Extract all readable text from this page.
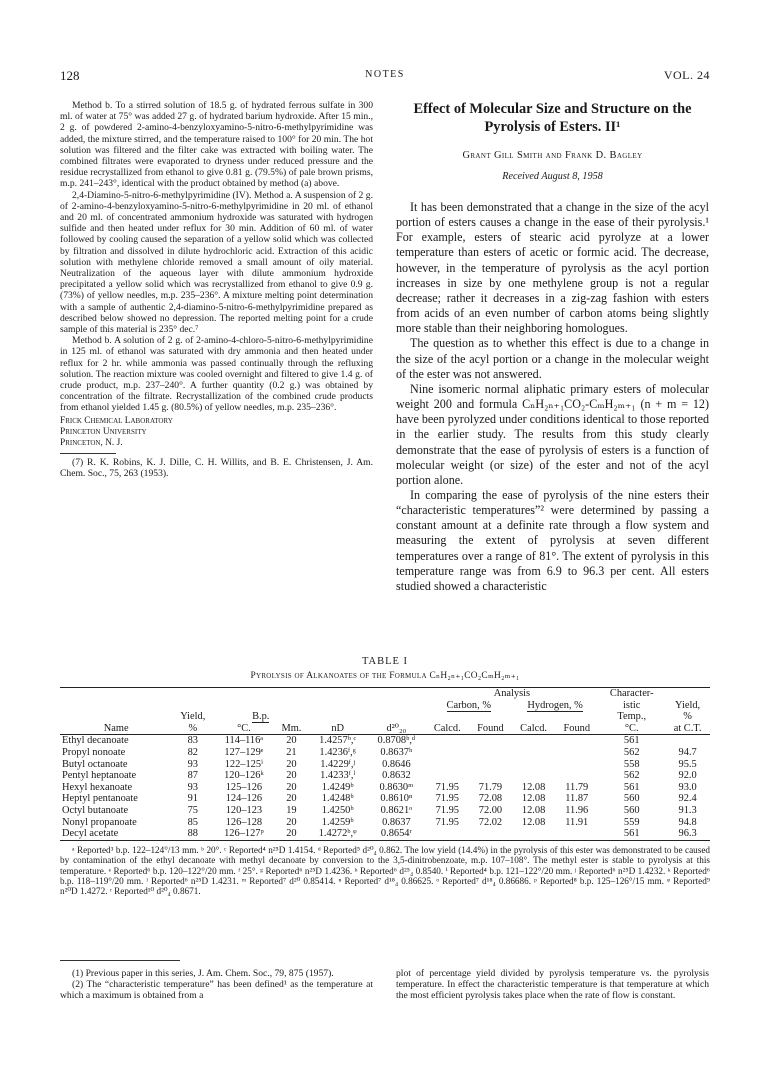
128	NOTES	VOL. 24

Method b. To a stirred solution of 18.5 g. of hydrated ferrous sulfate in 300 ml. of water at 75° was added 27 g. of hydrated barium hydroxide. After 15 min., 2 g. of powdered 2-amino-4-benzyloxyamino-5-nitro-6-methylpyrimidine was added, the mixture stirred, and the temperature raised to 100° for 20 min. The hot solution was filtered and the filter cake was extracted with boiling water. The combined filtrates were evaporated to dryness under reduced pressure and the residue recrystallized from ethanol to give 0.81 g. (79.5%) of pale brown prisms, m.p. 241–243°, identical with the product obtained by method (a) above.

2,4-Diamino-5-nitro-6-methylpyrimidine (IV). Method a. A suspension of 2 g. of 2-amino-4-benzyloxyamino-5-nitro-6-methylpyrimidine in 20 ml. of ethanol and 20 ml. of concentrated ammonium hydroxide was saturated with hydrogen sulfide and then heated under reflux for 30 min. Addition of 60 ml. of water followed by cooling caused the separation of a yellow solid which was collected by filtration and dissolved in dilute hydrochloric acid. Extraction of this acidic solution with methylene chloride removed a small amount of oily material. Neutralization of the aqueous layer with dilute ammonium hydroxide precipitated a yellow solid which was recrystallized from ethanol to give 0.9 g. (73%) of yellow needles, m.p. 235–236°. A mixture melting point determination with a sample of authentic 2,4-diamino-5-nitro-6-methylpyrimidine prepared as described below showed no depression. The reported melting point for a crude sample of this material is 235° dec.⁷

Method b. A solution of 2 g. of 2-amino-4-chloro-5-nitro-6-methylpyrimidine in 125 ml. of ethanol was saturated with dry ammonia and then heated under reflux for 2 hr. while ammonia was passed continually through the refluxing solution. The reaction mixture was cooled overnight and filtered to give 1.4 g. of crude product, m.p. 237–240°. A further quantity (0.2 g.) was obtained by concentration of the filtrate. Recrystallization of the combined crude products from ethanol yielded 1.45 g. (80.5%) of yellow needles, m.p. 235–236°.

Frick Chemical Laboratory

Princeton University

Princeton, N. J.

(7) R. K. Robins, K. J. Dille, C. H. Willits, and B. E. Christensen, J. Am. Chem. Soc., 75, 263 (1953).

Effect of Molecular Size and Structure on the Pyrolysis of Esters. II¹

Grant Gill Smith and Frank D. Bagley

Received August 8, 1958

It has been demonstrated that a change in the size of the acyl portion of esters causes a change in the ease of their pyrolysis.¹ For example, esters of stearic acid pyrolyze at a lower temperature than esters of acetic or formic acid. The decrease, however, in the temperature of pyrolysis as the acyl portion increases in size by one methylene group is not a regular decrease; rather it decreases in a zig-zag fashion with esters from acids of an even number of carbon atoms being slightly more stable than their neighboring homologues.

The question as to whether this effect is due to a change in the size of the acyl portion or a change in the molecular weight of the ester was not answered.

Nine isomeric normal aliphatic primary esters of molecular weight 200 and formula CₙH₂ₙ₊₁CO₂-CₘH₂ₘ₊₁ (n + m = 12) have been pyrolyzed under conditions identical to those reported in the earlier study. The results from this study clearly demonstrate that the ease of pyrolysis of esters is a function of molecular weight (or size) of the ester and not of the acyl portion alone.

In comparing the ease of pyrolysis of the nine esters their “characteristic temperatures”² were determined by passing a constant amount at a definite rate through a flow system and measuring the extent of pyrolysis at seven different temperatures over a range of 81°. The extent of pyrolysis in this temperature range was from 6.9 to 96.3 per cent. All esters studied showed a characteristic

TABLE I
Pyrolysis of Alkanoates of the Formula CₙH₂ₙ₊₁CO₂CₘH₂ₘ₊₁
						Analysis				Character-	
						Carbon, %		Hydrogen, %		istic	Yield,
	Yield,	B.p.								Temp.,	%
Name	%	°C.	Mm.	nD	d²⁰₂₀	Calcd.	Found	Calcd.	Found	°C.	at C.T.
Ethyl decanoate	83	114–116ᵃ	20	1.4257ᵇ,ᶜ	0.8708ᵇ,ᵈ					561	
Propyl nonoate	82	127–129ᵉ	21	1.4236ᶠ,ᵍ	0.8637ʰ					562	94.7
Butyl octanoate	93	122–125ⁱ	20	1.4229ᶠ,ʲ	0.8646					558	95.5
Pentyl heptanoate	87	120–126ᵏ	20	1.4233ᶠ,ˡ	0.8632					562	92.0
Hexyl hexanoate	93	125–126	20	1.4249ᵇ	0.8630ᵐ	71.95	71.79	12.08	11.79	561	93.0
Heptyl pentanoate	91	124–126	20	1.4248ᵇ	0.8610ⁿ	71.95	72.08	12.08	11.87	560	92.4
Octyl butanoate	75	120–123	19	1.4250ᵇ	0.8621ᵒ	71.95	72.00	12.08	11.96	560	91.3
Nonyl propanoate	85	126–128	20	1.4259ᵇ	0.8637	71.95	72.02	12.08	11.91	559	94.8
Decyl acetate	88	126–127ᵖ	20	1.4272ᵇ,ᵠ	0.8654ʳ					561	96.3
ᵃ Reported³ b.p. 122–124°/13 mm. ᵇ 20°. ᶜ Reported⁴ n²⁵D 1.4154. ᵈ Reported⁵ d²⁰₄ 0.862. The low yield (14.4%) in the pyrolysis of this ester was demonstrated to be caused by contamination of the ethyl decanoate with methyl decanoate by conversion to the 3,5-dinitrobenzoate, m.p. 107–108°. The methyl ester is stable to pyrolysis at this temperature. ᵉ Reported⁶ b.p. 120–122°/20 mm. ᶠ 25°. ᵍ Reported⁶ n²⁵D 1.4236. ʰ Reported⁶ d²⁵₄ 0.8540. ⁱ Reported⁴ b.p. 121–122°/20 mm. ʲ Reported⁶ n²⁵D 1.4232. ᵏ Reported⁶ b.p. 118–119°/20 mm. ˡ Reported⁶ n²⁵D 1.4231. ᵐ Reported⁷ d²⁰ 0.85414. ⁿ Reported⁷ d¹⁸₄ 0.86625. ᵒ Reported⁷ d¹⁸₄ 0.86686. ᵖ Reported⁸ b.p. 125–126°/15 mm. ᵠ Reported⁹ n²⁰D 1.4272. ʳ Reported¹⁰ d²⁰₄ 0.8671.

(1) Previous paper in this series, J. Am. Chem. Soc., 79, 875 (1957).

(2) The “characteristic temperature” has been defined¹ as the temperature at which a maximum is obtained from a

plot of percentage yield divided by pyrolysis temperature vs. the pyrolysis temperature. In effect the characteristic temperature is that temperature at which the most efficient pyrolysis takes place when the rate of flow is constant.
